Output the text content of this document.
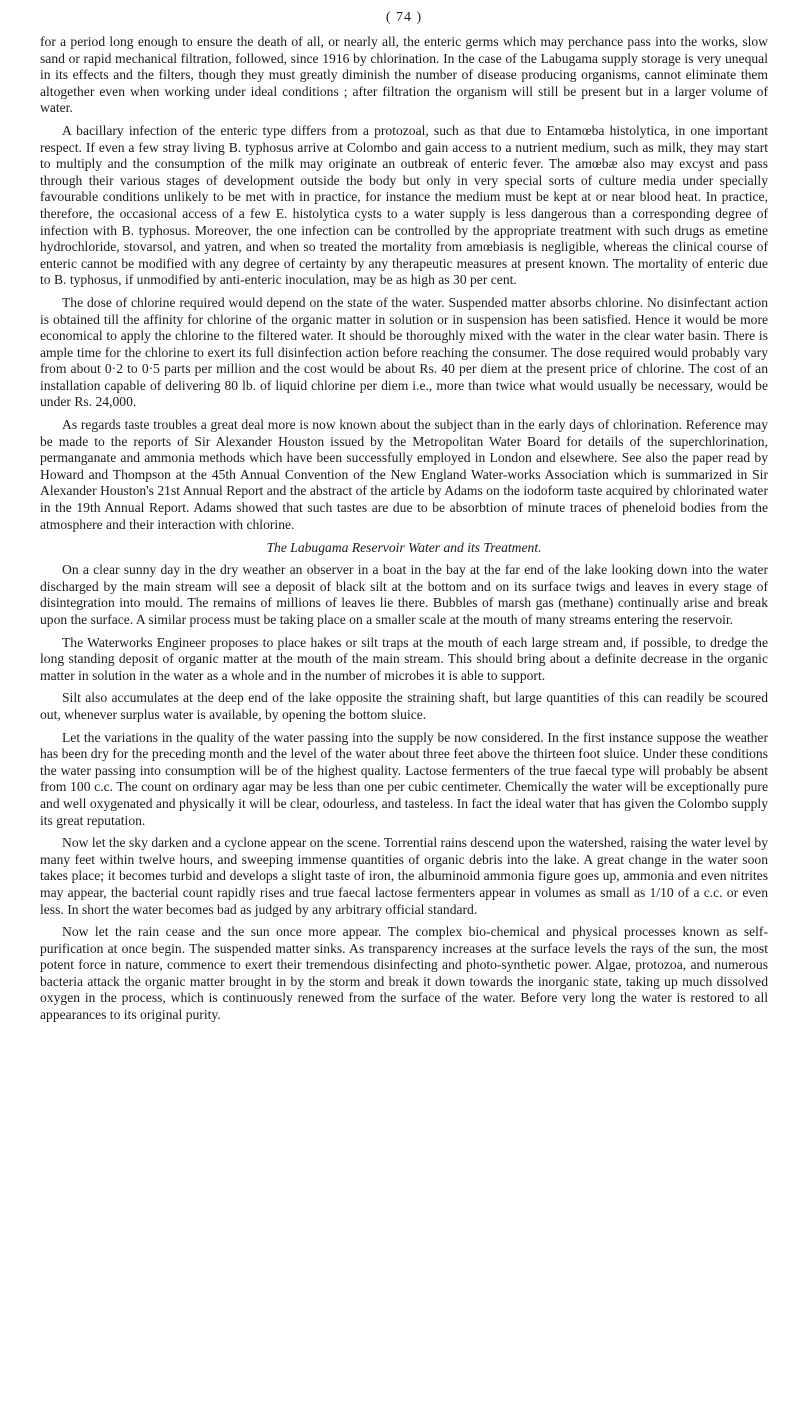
( 74 )

for a period long enough to ensure the death of all, or nearly all, the enteric germs which may perchance pass into the works, slow sand or rapid mechanical filtration, followed, since 1916 by chlorination. In the case of the Labugama supply storage is very unequal in its effects and the filters, though they must greatly diminish the number of disease producing organisms, cannot eliminate them altogether even when working under ideal conditions ; after filtration the organism will still be present but in a larger volume of water.

A bacillary infection of the enteric type differs from a protozoal, such as that due to Entamœba histolytica, in one important respect. If even a few stray living B. typhosus arrive at Colombo and gain access to a nutrient medium, such as milk, they may start to multiply and the consumption of the milk may originate an outbreak of enteric fever. The amœbæ also may excyst and pass through their various stages of development outside the body but only in very special sorts of culture media under specially favourable conditions unlikely to be met with in practice, for instance the medium must be kept at or near blood heat. In practice, therefore, the occasional access of a few E. histolytica cysts to a water supply is less dangerous than a corresponding degree of infection with B. typhosus. Moreover, the one infection can be controlled by the appropriate treatment with such drugs as emetine hydrochloride, stovarsol, and yatren, and when so treated the mortality from amœbiasis is negligible, whereas the clinical course of enteric cannot be modified with any degree of certainty by any therapeutic measures at present known. The mortality of enteric due to B. typhosus, if unmodified by anti-enteric inoculation, may be as high as 30 per cent.

The dose of chlorine required would depend on the state of the water. Suspended matter absorbs chlorine. No disinfectant action is obtained till the affinity for chlorine of the organic matter in solution or in suspension has been satisfied. Hence it would be more economical to apply the chlorine to the filtered water. It should be thoroughly mixed with the water in the clear water basin. There is ample time for the chlorine to exert its full disinfection action before reaching the consumer. The dose required would probably vary from about 0·2 to 0·5 parts per million and the cost would be about Rs. 40 per diem at the present price of chlorine. The cost of an installation capable of delivering 80 lb. of liquid chlorine per diem i.e., more than twice what would usually be necessary, would be under Rs. 24,000.

As regards taste troubles a great deal more is now known about the subject than in the early days of chlorination. Reference may be made to the reports of Sir Alexander Houston issued by the Metropolitan Water Board for details of the superchlorination, permanganate and ammonia methods which have been successfully employed in London and elsewhere. See also the paper read by Howard and Thompson at the 45th Annual Convention of the New England Water-works Association which is summarized in Sir Alexander Houston's 21st Annual Report and the abstract of the article by Adams on the iodoform taste acquired by chlorinated water in the 19th Annual Report. Adams showed that such tastes are due to be absorbtion of minute traces of pheneloid bodies from the atmosphere and their interaction with chlorine.

The Labugama Reservoir Water and its Treatment.

On a clear sunny day in the dry weather an observer in a boat in the bay at the far end of the lake looking down into the water discharged by the main stream will see a deposit of black silt at the bottom and on its surface twigs and leaves in every stage of disintegration into mould. The remains of millions of leaves lie there. Bubbles of marsh gas (methane) continually arise and break upon the surface. A similar process must be taking place on a smaller scale at the mouth of many streams entering the reservoir.

The Waterworks Engineer proposes to place hakes or silt traps at the mouth of each large stream and, if possible, to dredge the long standing deposit of organic matter at the mouth of the main stream. This should bring about a definite decrease in the organic matter in solution in the water as a whole and in the number of microbes it is able to support.

Silt also accumulates at the deep end of the lake opposite the straining shaft, but large quantities of this can readily be scoured out, whenever surplus water is available, by opening the bottom sluice.

Let the variations in the quality of the water passing into the supply be now considered. In the first instance suppose the weather has been dry for the preceding month and the level of the water about three feet above the thirteen foot sluice. Under these conditions the water passing into consumption will be of the highest quality. Lactose fermenters of the true faecal type will probably be absent from 100 c.c. The count on ordinary agar may be less than one per cubic centimeter. Chemically the water will be exceptionally pure and well oxygenated and physically it will be clear, odourless, and tasteless. In fact the ideal water that has given the Colombo supply its great reputation.

Now let the sky darken and a cyclone appear on the scene. Torrential rains descend upon the watershed, raising the water level by many feet within twelve hours, and sweeping immense quantities of organic debris into the lake. A great change in the water soon takes place; it becomes turbid and develops a slight taste of iron, the albuminoid ammonia figure goes up, ammonia and even nitrites may appear, the bacterial count rapidly rises and true faecal lactose fermenters appear in volumes as small as 1/10 of a c.c. or even less. In short the water becomes bad as judged by any arbitrary official standard.

Now let the rain cease and the sun once more appear. The complex bio-chemical and physical processes known as self-purification at once begin. The suspended matter sinks. As transparency increases at the surface levels the rays of the sun, the most potent force in nature, commence to exert their tremendous disinfecting and photo-synthetic power. Algae, protozoa, and numerous bacteria attack the organic matter brought in by the storm and break it down towards the inorganic state, taking up much dissolved oxygen in the process, which is continuously renewed from the surface of the water. Before very long the water is restored to all appearances to its original purity.
